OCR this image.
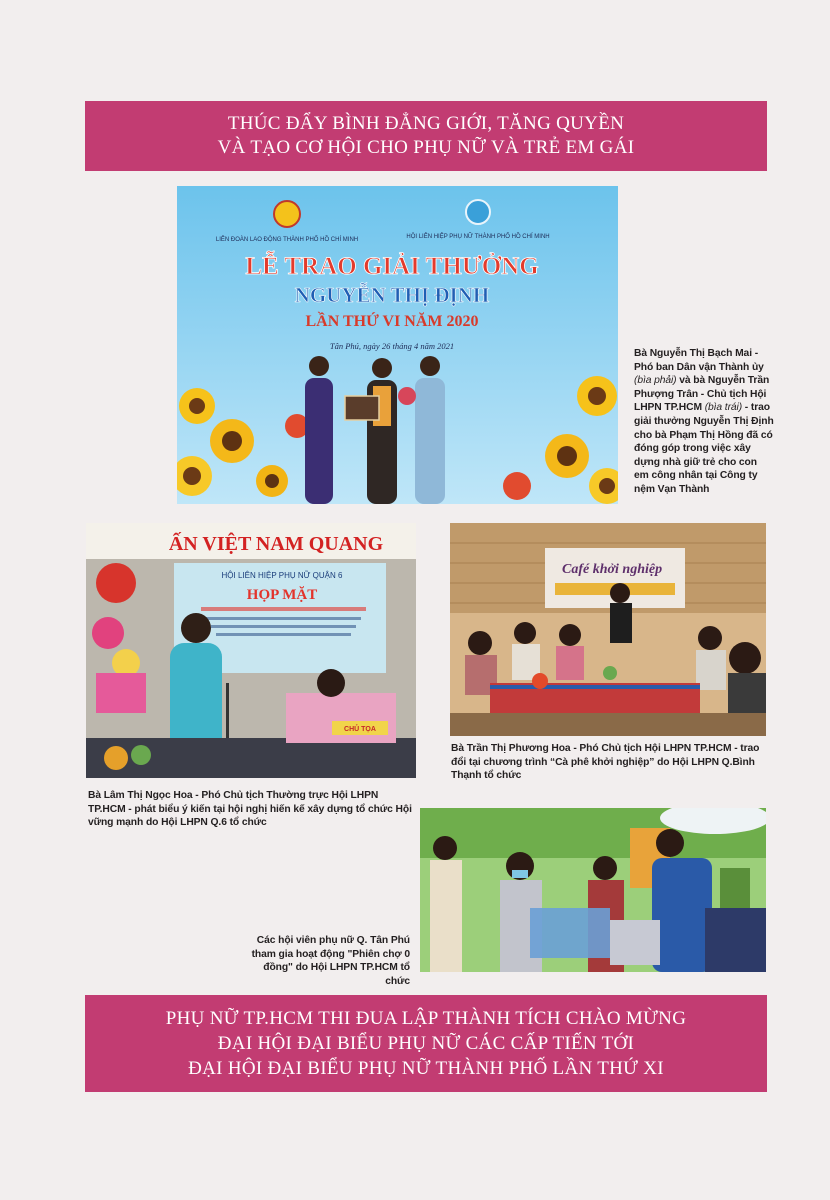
THÚC ĐẨY BÌNH ĐẲNG GIỚI, TĂNG QUYỀN
VÀ TẠO CƠ HỘI CHO PHỤ NỮ VÀ TRẺ EM GÁI
LIÊN ĐOÀN LAO ĐỘNG THÀNH PHỐ HỒ CHÍ MINH	HỘI LIÊN HIỆP PHỤ NỮ THÀNH PHỐ HỒ CHÍ MINH
LỄ TRAO GIẢI THƯỞNG
NGUYỄN THỊ ĐỊNH
LẦN THỨ VI NĂM 2020
Tân Phú, ngày 26 tháng 4 năm 2021
Bà Nguyễn Thị Bạch Mai - Phó ban Dân vận Thành ủy (bìa phải) và bà Nguyễn Trần Phượng Trân - Chủ tịch Hội LHPN TP.HCM (bìa trái) - trao giải thưởng Nguyễn Thị Định cho bà Phạm Thị Hồng đã có đóng góp trong việc xây dựng nhà giữ trẻ cho con em công nhân tại Công ty nệm Vạn Thành
ẤN VIỆT NAM QUANG
HỘI LIÊN HIỆP PHỤ NỮ QUẬN 6
HỌP MẶT
CHỦ TỌA
Bà Lâm Thị Ngọc Hoa - Phó Chủ tịch Thường trực Hội LHPN TP.HCM - phát biểu ý kiến tại hội nghị hiến kế xây dựng tổ chức Hội vững mạnh do Hội LHPN Q.6 tổ chức
Café khởi nghiệp
Bà Trần Thị Phương Hoa - Phó Chủ tịch Hội LHPN TP.HCM - trao đổi tại chương trình “Cà phê khởi nghiệp” do Hội LHPN Q.Bình Thạnh tổ chức
Các hội viên phụ nữ Q. Tân Phú tham gia hoạt động "Phiên chợ 0 đồng" do Hội LHPN TP.HCM tổ chức
PHỤ NỮ TP.HCM THI ĐUA LẬP THÀNH TÍCH CHÀO MỪNG
ĐẠI HỘI ĐẠI BIỂU PHỤ NỮ CÁC CẤP TIẾN TỚI
ĐẠI HỘI ĐẠI BIỂU PHỤ NỮ THÀNH PHỐ LẦN THỨ XI
